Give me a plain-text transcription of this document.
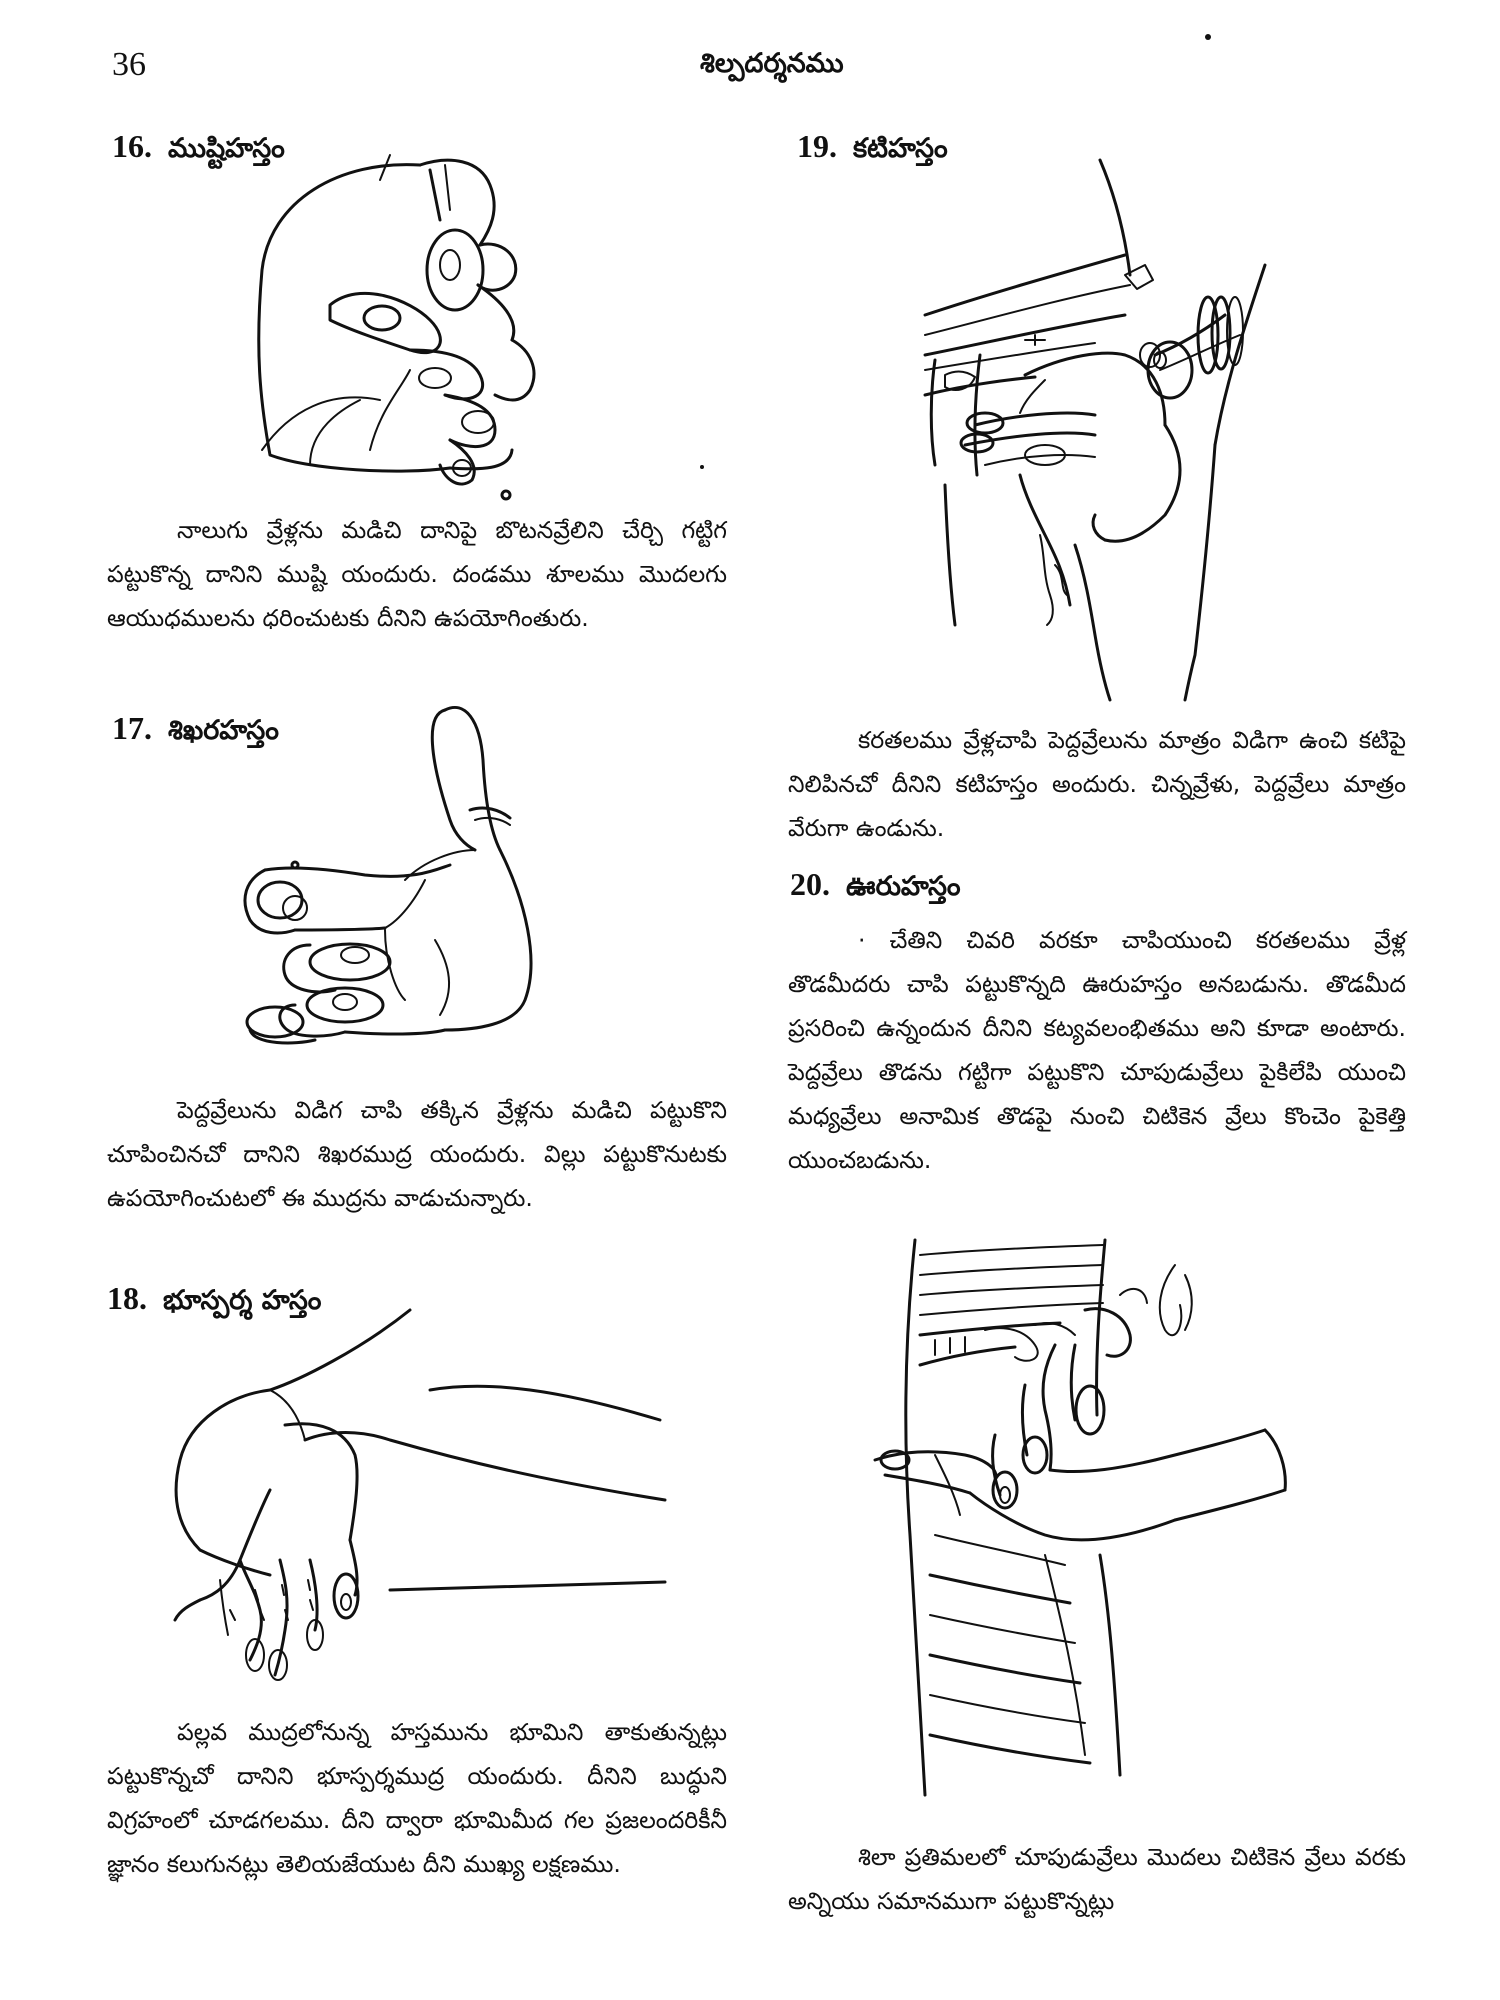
36	శిల్పదర్శనము
16. ముష్టిహస్తం

నాలుగు వ్రేళ్లను మడిచి దానిపై బొటనవ్రేలిని చేర్చి గట్టిగ పట్టుకొన్న దానిని ముష్టి యందురు. దండము శూలము మొదలగు ఆయుధములను ధరించుటకు దీనిని ఉపయోగింతురు.

17. శిఖరహస్తం

పెద్దవ్రేలును విడిగ చాపి తక్కిన వ్రేళ్లను మడిచి పట్టుకొని చూపించినచో దానిని శిఖరముద్ర యందురు. విల్లు పట్టుకొనుటకు ఉపయోగించుటలో ఈ ముద్రను వాడుచున్నారు.

18. భూస్పర్శ హస్తం

పల్లవ ముద్రలోనున్న హస్తమును భూమిని తాకుతున్నట్లు పట్టుకొన్నచో దానిని భూస్పర్శముద్ర యందురు. దీనిని బుద్ధుని విగ్రహంలో చూడగలము. దీని ద్వారా భూమిమీద గల ప్రజలందరికీనీ జ్ఞానం కలుగునట్లు తెలియజేయుట దీని ముఖ్య లక్షణము.

19. కటిహస్తం

కరతలము వ్రేళ్లచాపి పెద్దవ్రేలును మాత్రం విడిగా ఉంచి కటిపై నిలిపినచో దీనిని కటిహస్తం అందురు. చిన్నవ్రేళు, పెద్దవ్రేలు మాత్రం వేరుగా ఉండును.

20. ఊరుహస్తం

· చేతిని చివరి వరకూ చాపియుంచి కరతలము వ్రేళ్ల తొడమీదరు చాపి పట్టుకొన్నది ఊరుహస్తం అనబడును. తొడమీద ప్రసరించి ఉన్నందున దీనిని కట్యవలంభితము అని కూడా అంటారు. పెద్దవ్రేలు తొడను గట్టిగా పట్టుకొని చూపుడువ్రేలు పైకిలేపి యుంచి మధ్యవ్రేలు అనామిక తొడపై నుంచి చిటికెన వ్రేలు కొంచెం పైకెత్తి యుంచబడును.

శిలా ప్రతిమలలో చూపుడువ్రేలు మొదలు చిటికెన వ్రేలు వరకు అన్నియు సమానముగా పట్టుకొన్నట్లు
